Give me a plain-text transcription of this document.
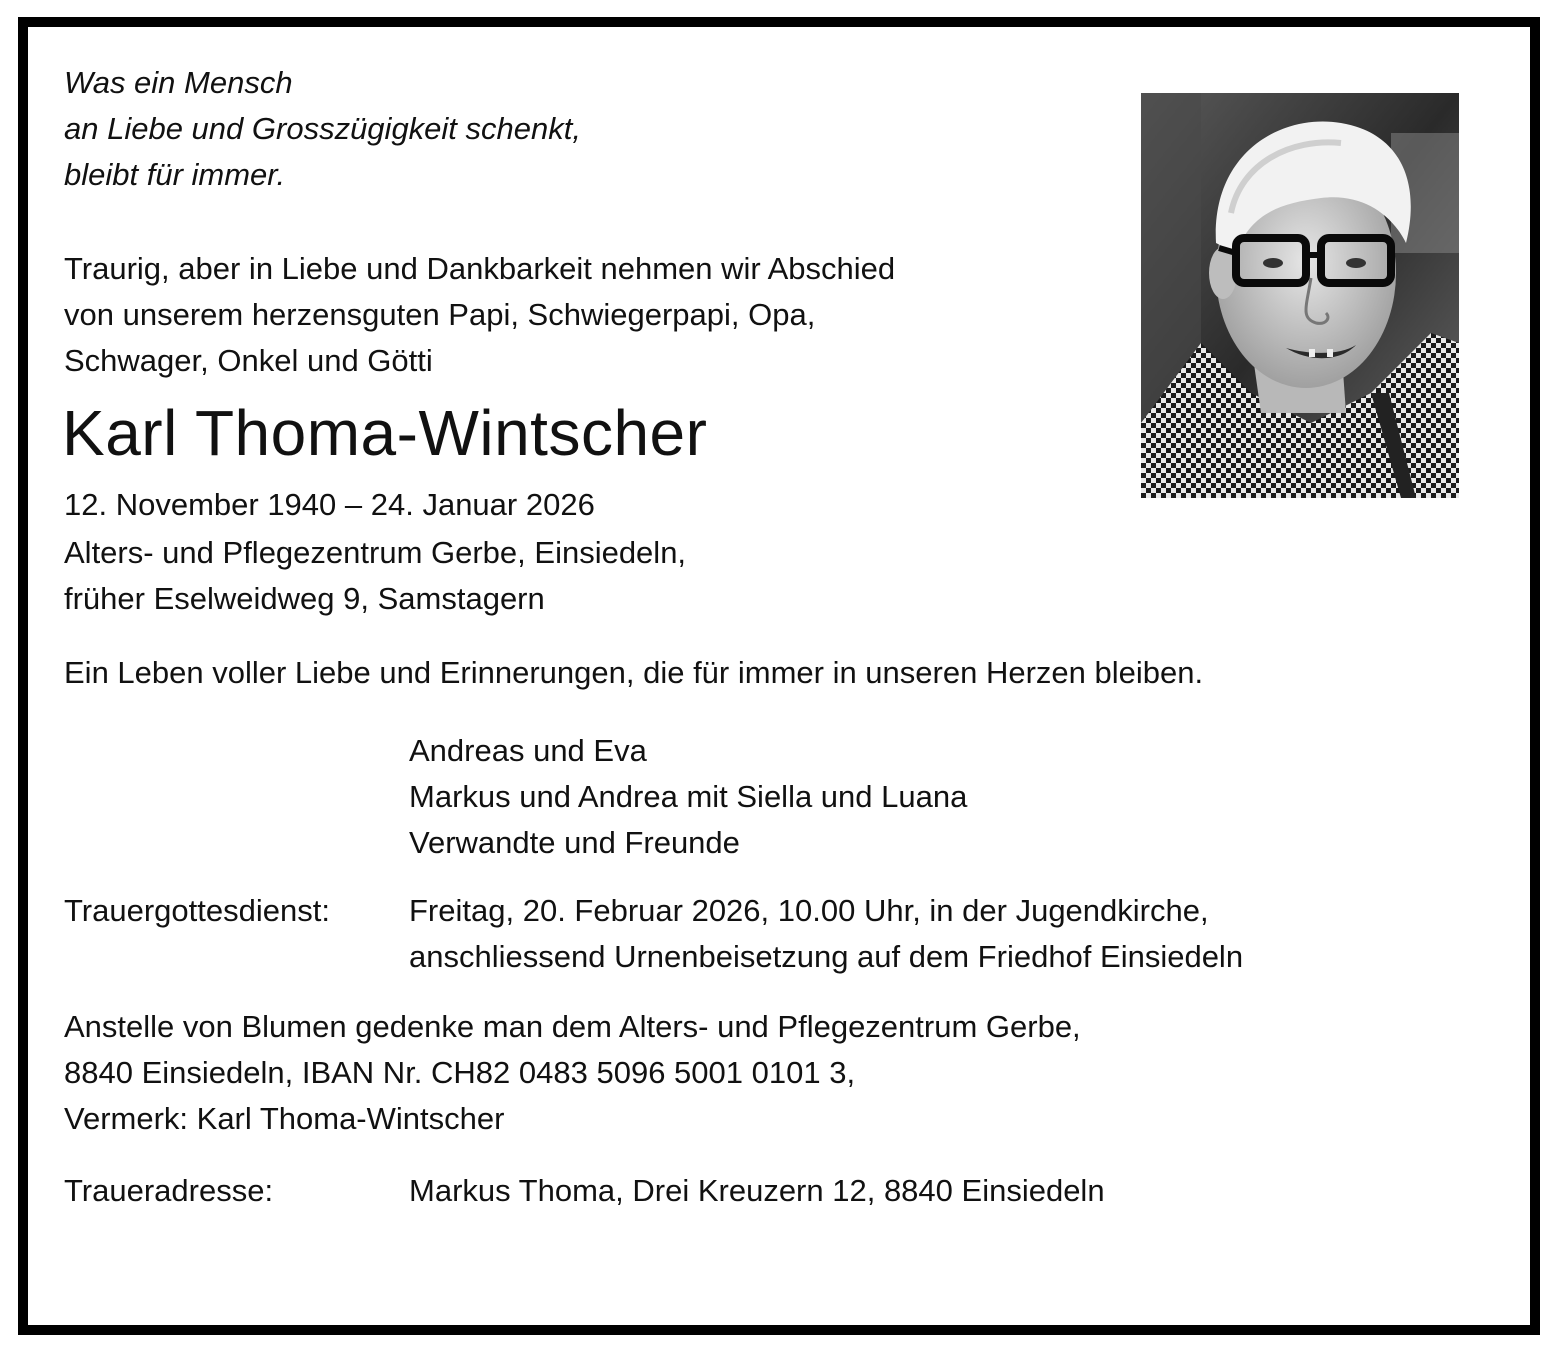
Was ein Mensch
an Liebe und Grosszügigkeit schenkt,
bleibt für immer.
Traurig, aber in Liebe und Dankbarkeit nehmen wir Abschied
von unserem herzensguten Papi, Schwiegerpapi, Opa,
Schwager, Onkel und Götti
Karl Thoma-Wintscher
12. November 1940 – 24. Januar 2026
Alters- und Pflegezentrum Gerbe, Einsiedeln,
früher Eselweidweg 9, Samstagern
Ein Leben voller Liebe und Erinnerungen, die für immer in unseren Herzen bleiben.
Andreas und Eva
Markus und Andrea mit Siella und Luana
Verwandte und Freunde
Trauergottesdienst:	Freitag, 20. Februar 2026, 10.00 Uhr, in der Jugendkirche,
anschliessend Urnenbeisetzung auf dem Friedhof Einsiedeln
Anstelle von Blumen gedenke man dem Alters- und Pflegezentrum Gerbe,
8840 Einsiedeln, IBAN Nr. CH82 0483 5096 5001 0101 3,
Vermerk: Karl Thoma-Wintscher
Traueradresse:	Markus Thoma, Drei Kreuzern 12, 8840 Einsiedeln
